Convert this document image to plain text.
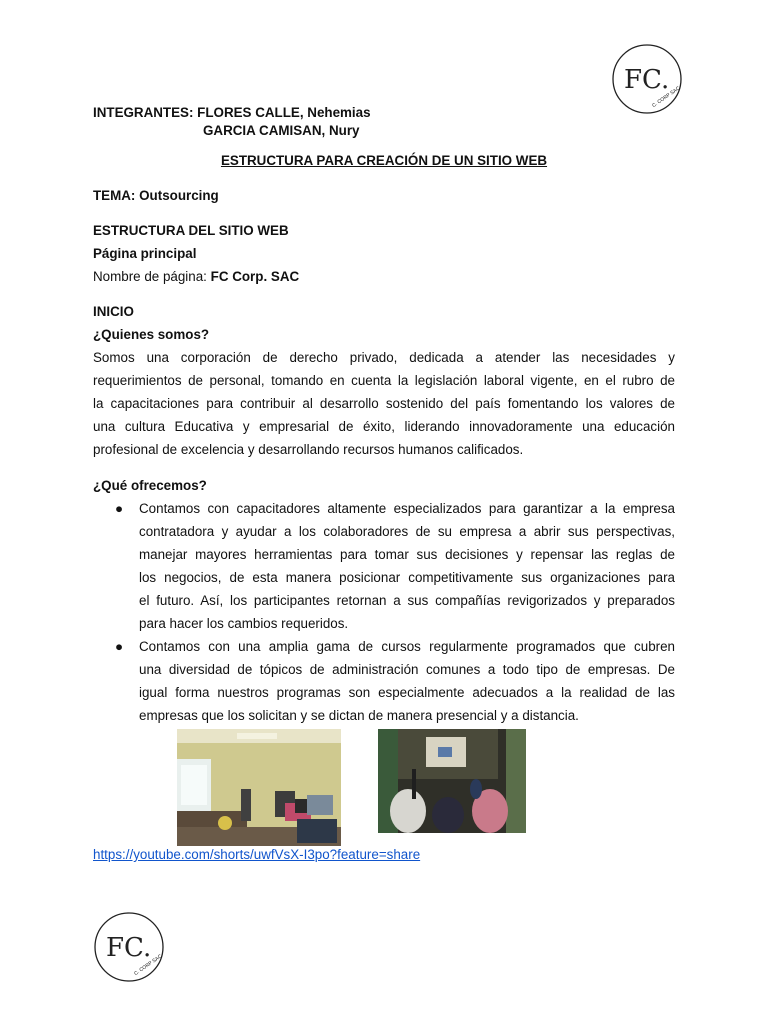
FC.
C. CORP SAC
INTEGRANTES: FLORES CALLE, Nehemias
GARCIA CAMISAN, Nury
ESTRUCTURA PARA CREACIÓN DE UN SITIO WEB
TEMA: Outsourcing
ESTRUCTURA DEL SITIO WEB
Página principal
Nombre de página: FC Corp. SAC
INICIO
¿Quienes somos?
Somos una corporación de derecho privado, dedicada a atender las necesidades y
requerimientos de personal, tomando en cuenta la legislación laboral vigente, en el rubro de
la capacitaciones para contribuir al desarrollo sostenido del país fomentando los valores de
una cultura Educativa y empresarial de éxito, liderando innovadoramente una educación
profesional de excelencia y desarrollando recursos humanos calificados.
¿Qué ofrecemos?
● Contamos con capacitadores altamente especializados para garantizar a la empresa
contratadora y ayudar a los colaboradores de su empresa a abrir sus perspectivas,
manejar mayores herramientas para tomar sus decisiones y repensar las reglas de
los negocios, de esta manera posicionar competitivamente sus organizaciones para
el futuro. Así, los participantes retornan a sus compañías revigorizados y preparados
para hacer los cambios requeridos.
● Contamos con una amplia gama de cursos regularmente programados que cubren
una diversidad de tópicos de administración comunes a todo tipo de empresas. De
igual forma nuestros programas son especialmente adecuados a la realidad de las
empresas que los solicitan y se dictan de manera presencial y a distancia.
https://youtube.com/shorts/uwfVsX-I3po?feature=share
FC.
C. CORP SAC
